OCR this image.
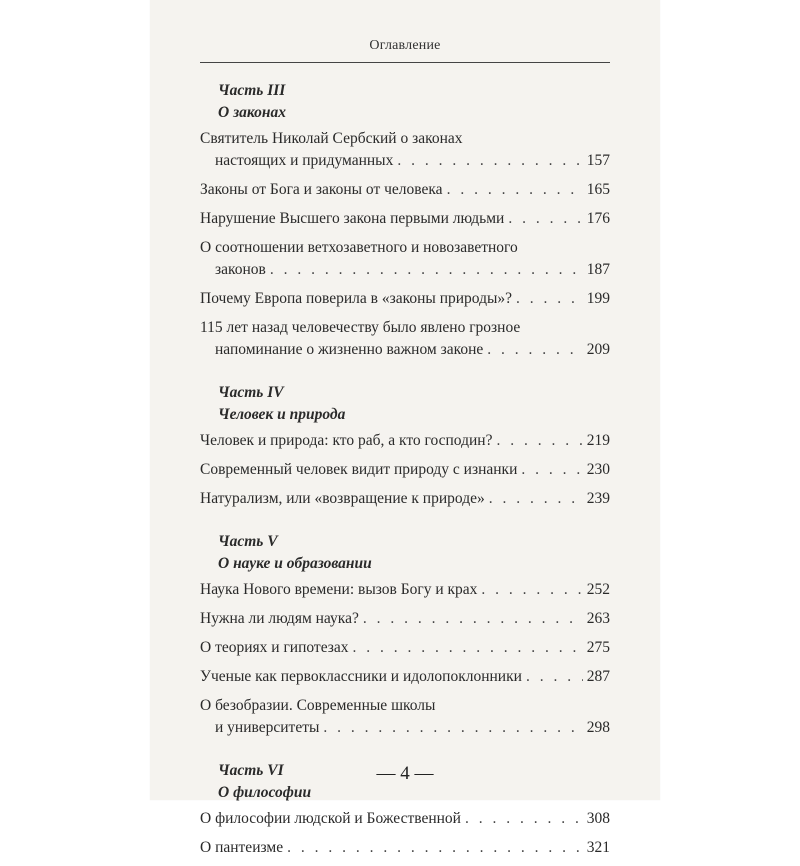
Оглавление
Часть III
О законах
Святитель Николай Сербский о законах
настоящих и придуманных . . .	157
Законы от Бога и законы от человека . . .	165
Нарушение Высшего закона первыми людьми . . .	176
О соотношении ветхозаветного и новозаветного
законов . . .	187
Почему Европа поверила в «законы природы»? . . .	199
115 лет назад человечеству было явлено грозное
напоминание о жизненно важном законе . . .	209
Часть IV
Человек и природа
Человек и природа: кто раб, а кто господин? . . .	219
Современный человек видит природу с изнанки . . .	230
Натурализм, или «возвращение к природе» . . .	239
Часть V
О науке и образовании
Наука Нового времени: вызов Богу и крах . . .	252
Нужна ли людям наука? . . .	263
О теориях и гипотезах . . .	275
Ученые как первоклассники и идолопоклонники . . .	287
О безобразии. Современные школы
и университеты . . .	298
Часть VI
О философии
О философии людской и Божественной . . .	308
О пантеизме . . .	321
— 4 —
